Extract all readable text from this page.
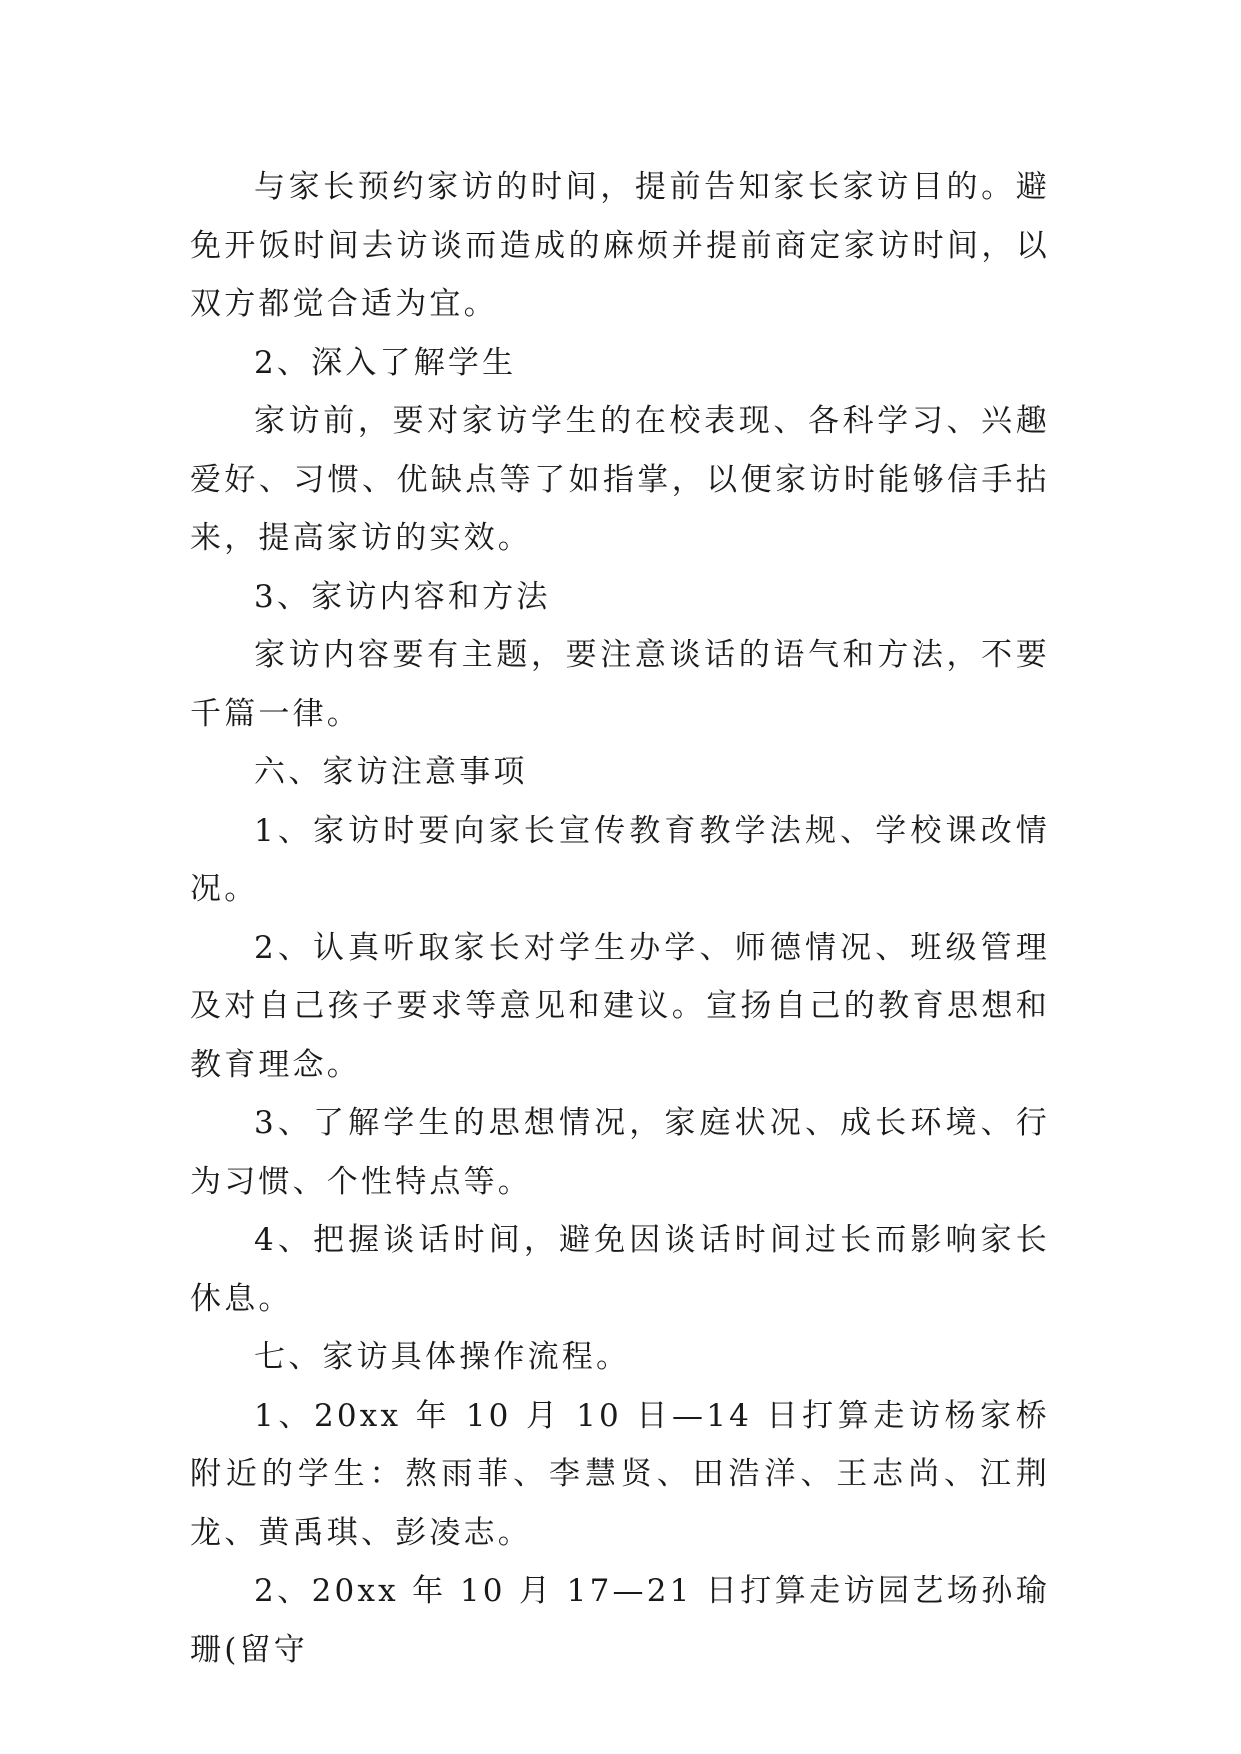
与家长预约家访的时间，提前告知家长家访目的。避免开饭时间去访谈而造成的麻烦并提前商定家访时间，以双方都觉合适为宜。

2、深入了解学生

家访前，要对家访学生的在校表现、各科学习、兴趣爱好、习惯、优缺点等了如指掌，以便家访时能够信手拈来，提高家访的实效。

3、家访内容和方法

家访内容要有主题，要注意谈话的语气和方法，不要千篇一律。

六、家访注意事项

1、家访时要向家长宣传教育教学法规、学校课改情况。

2、认真听取家长对学生办学、师德情况、班级管理及对自己孩子要求等意见和建议。宣扬自己的教育思想和教育理念。

3、了解学生的思想情况，家庭状况、成长环境、行为习惯、个性特点等。

4、把握谈话时间，避免因谈话时间过长而影响家长休息。

七、家访具体操作流程。

1、20xx 年 10 月 10 日—14 日打算走访杨家桥附近的学生：熬雨菲、李慧贤、田浩洋、王志尚、江荆龙、黄禹琪、彭凌志。

2、20xx 年 10 月 17—21 日打算走访园艺场孙瑜珊(留守
